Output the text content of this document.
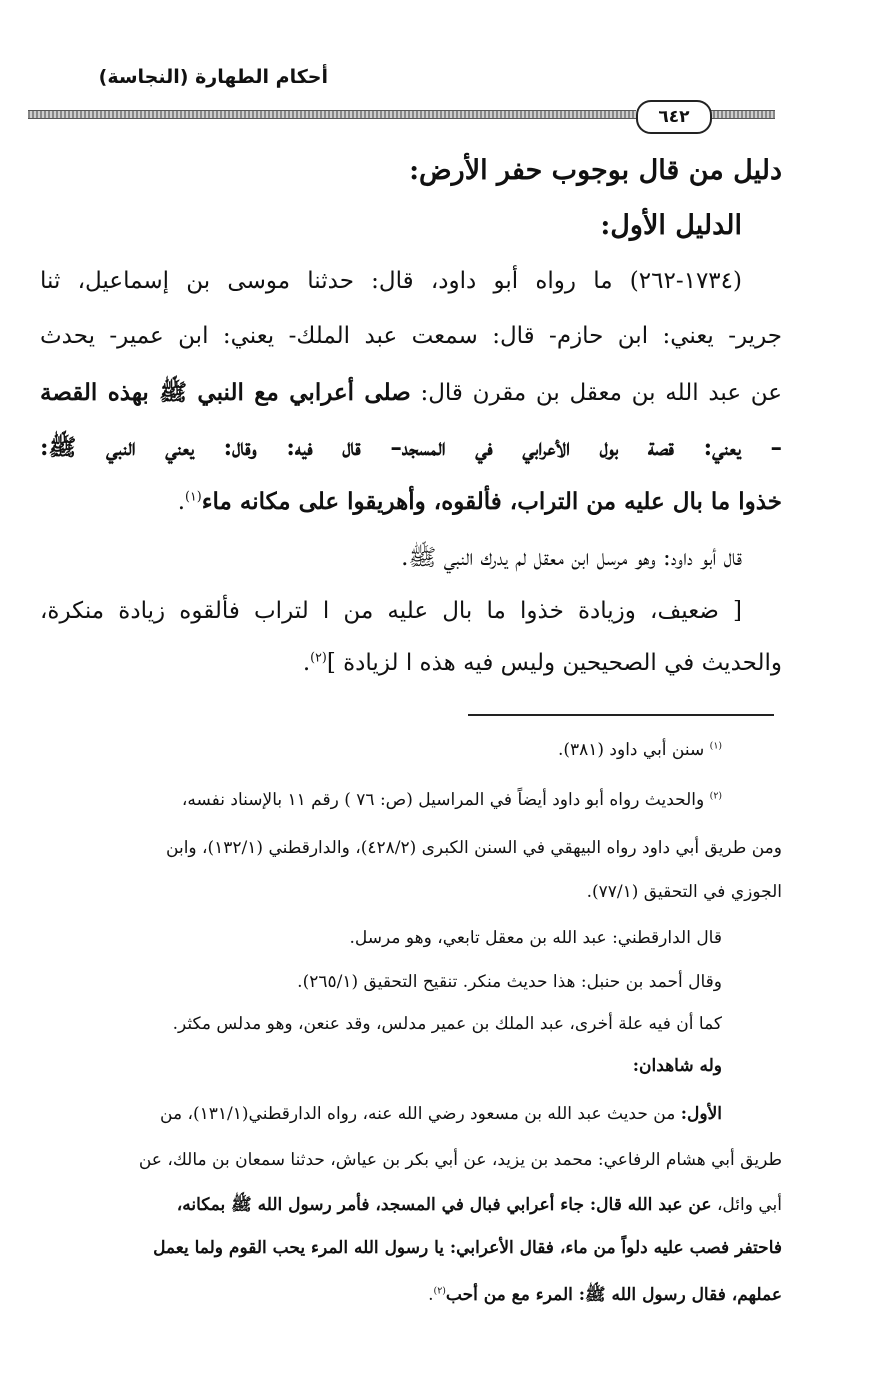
أحكام الطهارة (النجاسة)
٦٤٢
دليل من قال بوجوب حفر الأرض:
الدليل الأول:
(١٧٣٤-٢٦٢) ما رواه أبو داود، قال: حدثنا موسى بن إسماعيل، ثنا
جرير- يعني: ابن حازم- قال: سمعت عبد الملك- يعني: ابن عمير- يحدث
عن عبد الله بن معقل بن مقرن قال: صلى أعرابي مع النبي ﷺ بهذه القصة
– يعني: قصة بول الأعرابي في المسجد– قال فيه: وقال: يعني النبي ﷺ:
خذوا ما بال عليه من التراب، فألقوه، وأهريقوا على مكانه ماء$^{(١)}$.
قال أبو داود: وهو مرسل ابن معقل لم يدرك النبي ﷺ.
[ ضعيف، وزيادة خذوا ما بال عليه من ا لتراب فألقوه زيادة منكرة،
والحديث في الصحيحين وليس فيه هذه ا لزيادة ]$^{(٢)}$.
$^{(١)}$ سنن أبي داود (٣٨١).
$^{(٢)}$ والحديث رواه أبو داود أيضاً في المراسيل (ص: ٧٦ ) رقم ١١ بالإسناد نفسه،
ومن طريق أبي داود رواه البيهقي في السنن الكبرى (٤٢٨/٢)، والدارقطني (١٣٢/١)، وابن
الجوزي في التحقيق (٧٧/١).
قال الدارقطني: عبد الله بن معقل تابعي، وهو مرسل.
وقال أحمد بن حنبل: هذا حديث منكر. تنقيح التحقيق (٢٦٥/١).
كما أن فيه علة أخرى، عبد الملك بن عمير مدلس، وقد عنعن، وهو مدلس مكثر.
وله شاهدان:
الأول: من حديث عبد الله بن مسعود رضي الله عنه، رواه الدارقطني(١٣١/١)، من
طريق أبي هشام الرفاعي: محمد بن يزيد، عن أبي بكر بن عياش، حدثنا سمعان بن مالك، عن
أبي وائل، عن عبد الله قال: جاء أعرابي فبال في المسجد، فأمر رسول الله ﷺ بمكانه،
فاحتفر فصب عليه دلواً من ماء، فقال الأعرابي: يا رسول الله المرء يحب القوم ولما يعمل
عملهم، فقال رسول الله ﷺ: المرء مع من أحب$^{(٢)}$.
